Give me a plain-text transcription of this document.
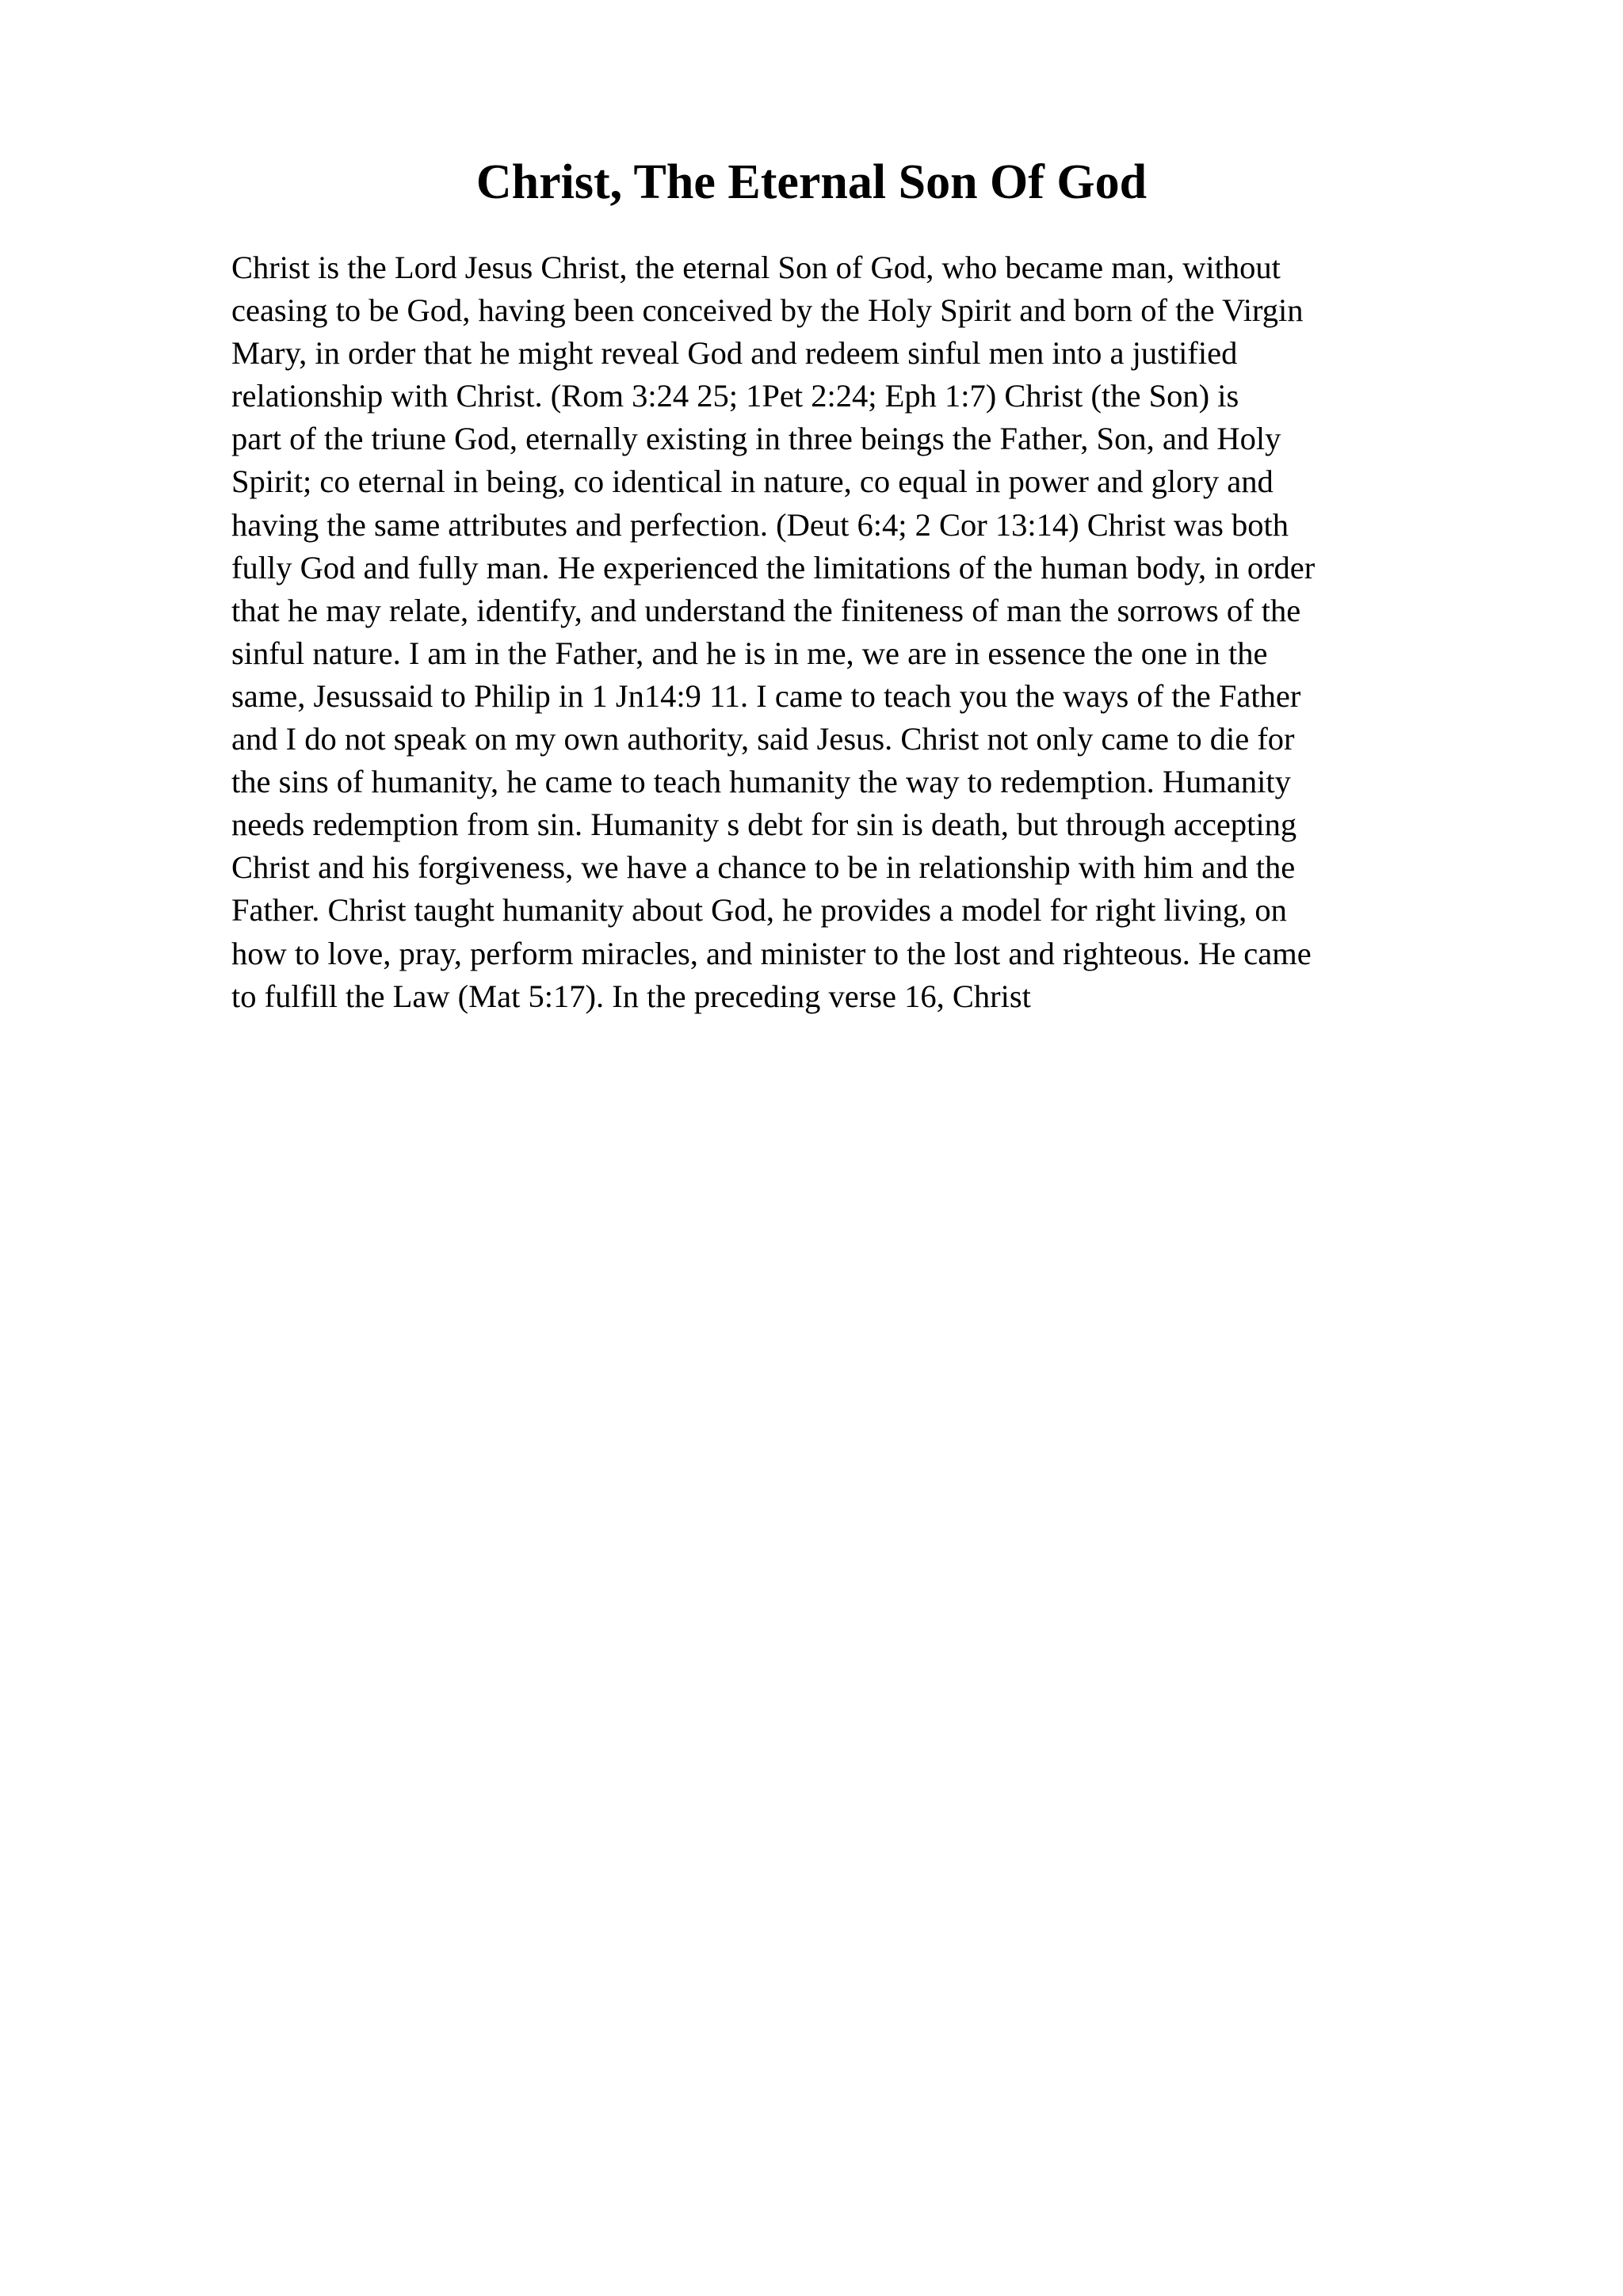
Christ, The Eternal Son Of God
Christ is the Lord Jesus Christ, the eternal Son of God, who became man, without
ceasing to be God, having been conceived by the Holy Spirit and born of the Virgin
Mary, in order that he might reveal God and redeem sinful men into a justified
relationship with Christ. (Rom 3:24 25; 1Pet 2:24; Eph 1:7) Christ (the Son) is
part of the triune God, eternally existing in three beings the Father, Son, and Holy
Spirit; co eternal in being, co identical in nature, co equal in power and glory and
having the same attributes and perfection. (Deut 6:4; 2 Cor 13:14) Christ was both
fully God and fully man. He experienced the limitations of the human body, in order
that he may relate, identify, and understand the finiteness of man the sorrows of the
sinful nature. I am in the Father, and he is in me, we are in essence the one in the
same, Jesussaid to Philip in 1 Jn14:9 11. I came to teach you the ways of the Father
and I do not speak on my own authority, said Jesus. Christ not only came to die for
the sins of humanity, he came to teach humanity the way to redemption. Humanity
needs redemption from sin. Humanity s debt for sin is death, but through accepting
Christ and his forgiveness, we have a chance to be in relationship with him and the
Father. Christ taught humanity about God, he provides a model for right living, on
how to love, pray, perform miracles, and minister to the lost and righteous. He came
to fulfill the Law (Mat 5:17). In the preceding verse 16, Christ
